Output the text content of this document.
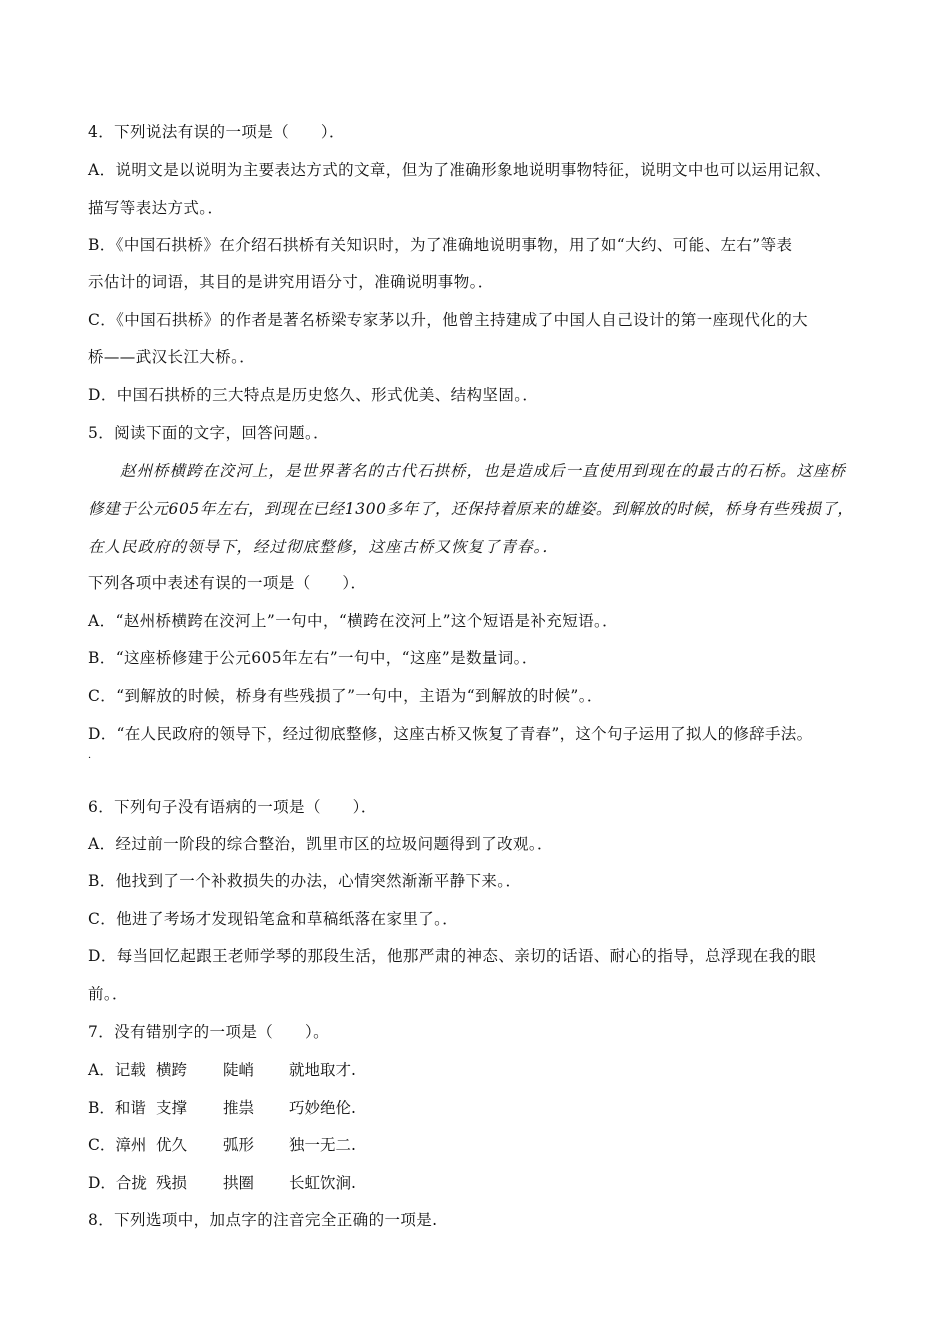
4．下列说法有误的一项是（　　）．
A．说明文是以说明为主要表达方式的文章，但为了准确形象地说明事物特征，说明文中也可以运用记叙、
描写等表达方式。．
B．《中国石拱桥》在介绍石拱桥有关知识时，为了准确地说明事物，用了如“大约、可能、左右”等表
示估计的词语，其目的是讲究用语分寸，准确说明事物。．
C．《中国石拱桥》的作者是著名桥梁专家茅以升，他曾主持建成了中国人自己设计的第一座现代化的大
桥——武汉长江大桥。．
D．中国石拱桥的三大特点是历史悠久、形式优美、结构坚固。．
5．阅读下面的文字，回答问题。．
赵州桥横跨在洨河上，是世界著名的古代石拱桥，也是造成后一直使用到现在的最古的石桥。这座桥
修建于公元605年左右，到现在已经1300多年了，还保持着原来的雄姿。到解放的时候，桥身有些残损了，
在人民政府的领导下，经过彻底整修，这座古桥又恢复了青春。．
下列各项中表述有误的一项是（　　）．
A．“赵州桥横跨在洨河上”一句中，“横跨在洨河上”这个短语是补充短语。．
B．“这座桥修建于公元605年左右”一句中，“这座”是数量词。．
C．“到解放的时候，桥身有些残损了”一句中，主语为“到解放的时候”。．
D．“在人民政府的领导下，经过彻底整修，这座古桥又恢复了青春”，这个句子运用了拟人的修辞手法。
．
6．下列句子没有语病的一项是（　　）．
A．经过前一阶段的综合整治，凯里市区的垃圾问题得到了改观。．
B．他找到了一个补救损失的办法，心情突然渐渐平静下来。．
C．他进了考场才发现铅笔盒和草稿纸落在家里了。．
D．每当回忆起跟王老师学琴的那段生活，他那严肃的神态、亲切的话语、耐心的指导，总浮现在我的眼
前。．
7．没有错别字的一项是（　　）。
A．记载 横跨 陡峭 就地取才.
B．和谐 支撑 推祟 巧妙绝伦.
C．漳州 优久 弧形 独一无二.
D．合拢 残损 拱圈 长虹饮涧.
8．下列选项中，加点字的注音完全正确的一项是.
